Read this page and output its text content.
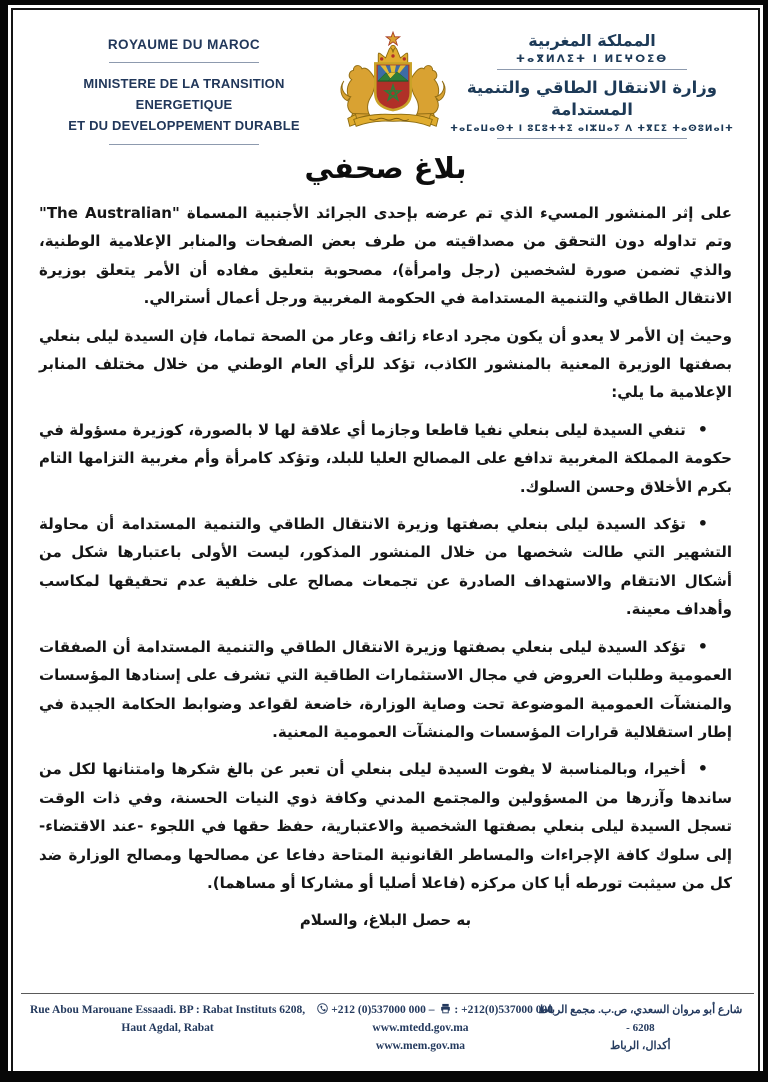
ROYAUME DU MAROC
MINISTERE DE LA TRANSITION ENERGETIQUE
ET DU DEVELOPPEMENT DURABLE
المملكة المغربية
ⵜⴰⴳⵍⴷⵉⵜ ⵏ ⵍⵎⵖⵔⵉⴱ
وزارة الانتقال الطاقي والتنمية المستدامة
ⵜⴰⵎⴰⵡⴰⵙⵜ ⵏ ⵓⵎⵓⵜⵜⵉ ⴰⵏⵣⵡⴰⵢ ⴷ ⵜⴳⵎⵉ ⵜⴰⵙⵓⵍⴰⵏⵜ
بلاغ صحفي

على إثر المنشور المسيء الذي تم عرضه بإحدى الجرائد الأجنبية المسماة "The Australian" وتم تداوله دون التحقق من مصداقيته من طرف بعض الصفحات والمنابر الإعلامية الوطنية، والذي تضمن صورة لشخصين (رجل وامرأة)، مصحوبة بتعليق مفاده أن الأمر يتعلق بوزيرة الانتقال الطاقي والتنمية المستدامة في الحكومة المغربية ورجل أعمال أسترالي.

وحيث إن الأمر لا يعدو أن يكون مجرد ادعاء زائف وعار من الصحة تماما، فإن السيدة ليلى بنعلي بصفتها الوزيرة المعنية بالمنشور الكاذب، تؤكد للرأي العام الوطني من خلال مختلف المنابر الإعلامية ما يلي:

•تنفي السيدة ليلى بنعلي نفيا قاطعا وجازما أي علاقة لها لا بالصورة، كوزيرة مسؤولة في حكومة المملكة المغربية تدافع على المصالح العليا للبلد، وتؤكد كامرأة وأم مغربية التزامها التام بكرم الأخلاق وحسن السلوك.

•تؤكد السيدة ليلى بنعلي بصفتها وزيرة الانتقال الطاقي والتنمية المستدامة أن محاولة التشهير التي طالت شخصها من خلال المنشور المذكور، ليست الأولى باعتبارها شكل من أشكال الانتقام والاستهداف الصادرة عن تجمعات مصالح على خلفية عدم تحقيقها لمكاسب وأهداف معينة.

•تؤكد السيدة ليلى بنعلي بصفتها وزيرة الانتقال الطاقي والتنمية المستدامة أن الصفقات العمومية وطلبات العروض في مجال الاستثمارات الطاقية التي تشرف على إسنادها المؤسسات والمنشآت العمومية الموضوعة تحت وصاية الوزارة، خاضعة لقواعد وضوابط الحكامة الجيدة في إطار استقلالية قرارات المؤسسات والمنشآت العمومية المعنية.

•أخيرا، وبالمناسبة لا يفوت السيدة ليلى بنعلي أن تعبر عن بالغ شكرها وامتنانها لكل من ساندها وآزرها من المسؤولين والمجتمع المدني وكافة ذوي النيات الحسنة، وفي ذات الوقت تسجل السيدة ليلى بنعلي بصفتها الشخصية والاعتبارية، حفظ حقها في اللجوء -عند الاقتضاء- إلى سلوك كافة الإجراءات والمساطر القانونية المتاحة دفاعا عن مصالحها ومصالح الوزارة ضد كل من سيثبت تورطه أيا كان مركزه (فاعلا أصليا أو مشاركا أو مساهما).

به حصل البلاغ، والسلام

Rue Abou Marouane Essaadi. BP : Rabat Instituts 6208,
Haut Agdal, Rabat
+212 (0)537000 000 – : +212(0)537000 000
www.mtedd.gov.ma
www.mem.gov.ma
شارع أبو مروان السعدي، ص.ب. مجمع الرباط 6208 -
أكدال، الرباط
